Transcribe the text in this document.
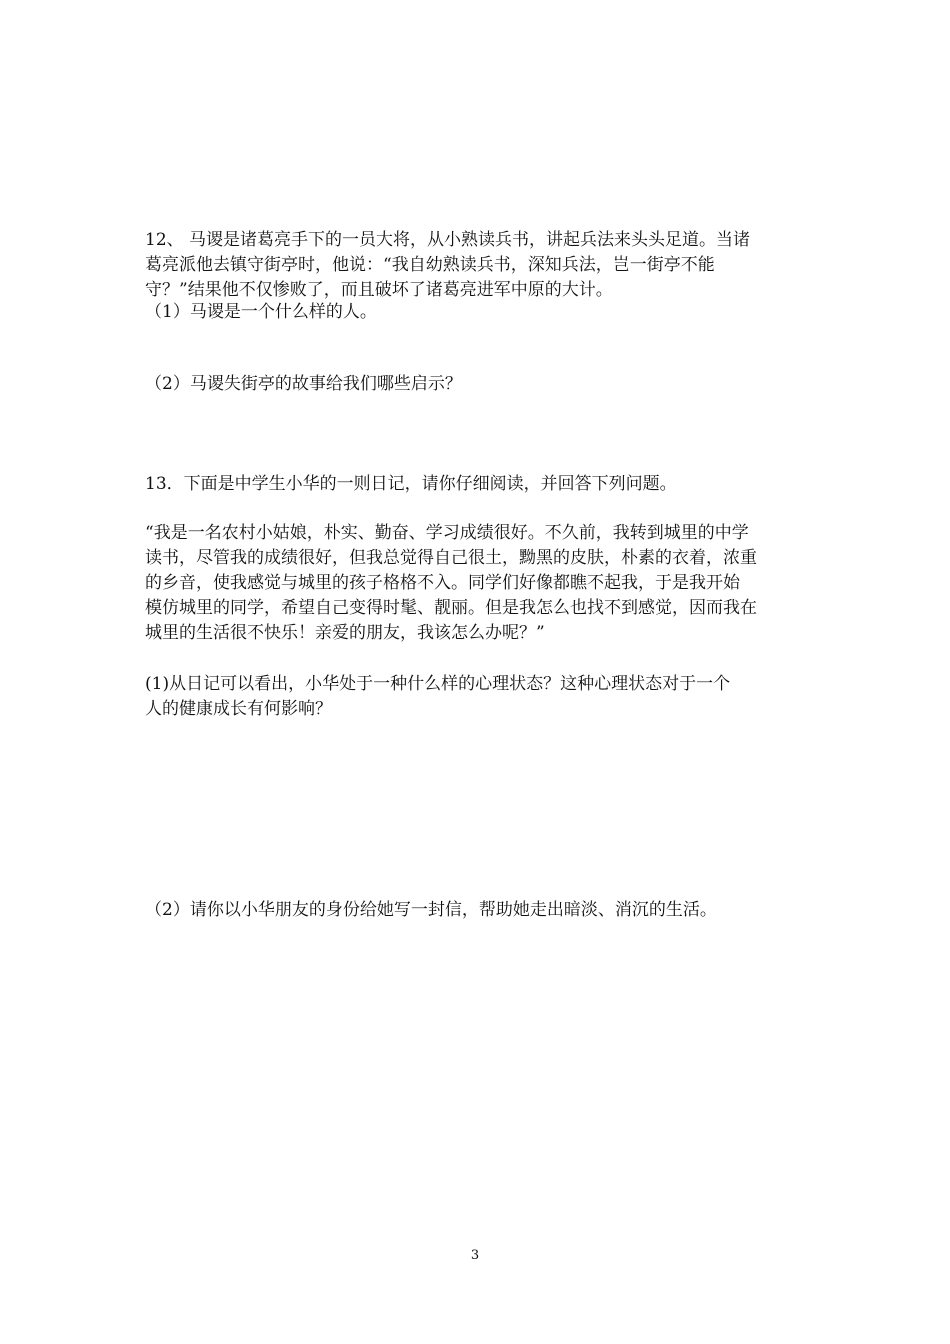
12、 马谡是诸葛亮手下的一员大将，从小熟读兵书，讲起兵法来头头足道。当诸
葛亮派他去镇守街亭时，他说：“我自幼熟读兵书，深知兵法，岂一街亭不能
守？”结果他不仅惨败了，而且破坏了诸葛亮进军中原的大计。

（1）马谡是一个什么样的人。

（2）马谡失街亭的故事给我们哪些启示？

13．下面是中学生小华的一则日记，请你仔细阅读，并回答下列问题。

“我是一名农村小姑娘，朴实、勤奋、学习成绩很好。不久前，我转到城里的中学
读书，尽管我的成绩很好，但我总觉得自己很土，黝黑的皮肤，朴素的衣着，浓重
的乡音，使我感觉与城里的孩子格格不入。同学们好像都瞧不起我，于是我开始
模仿城里的同学，希望自己变得时髦、靓丽。但是我怎么也找不到感觉，因而我在
城里的生活很不快乐！亲爱的朋友，我该怎么办呢？”

(1)从日记可以看出，小华处于一种什么样的心理状态？这种心理状态对于一个
人的健康成长有何影响？

（2）请你以小华朋友的身份给她写一封信，帮助她走出暗淡、消沉的生活。

3
